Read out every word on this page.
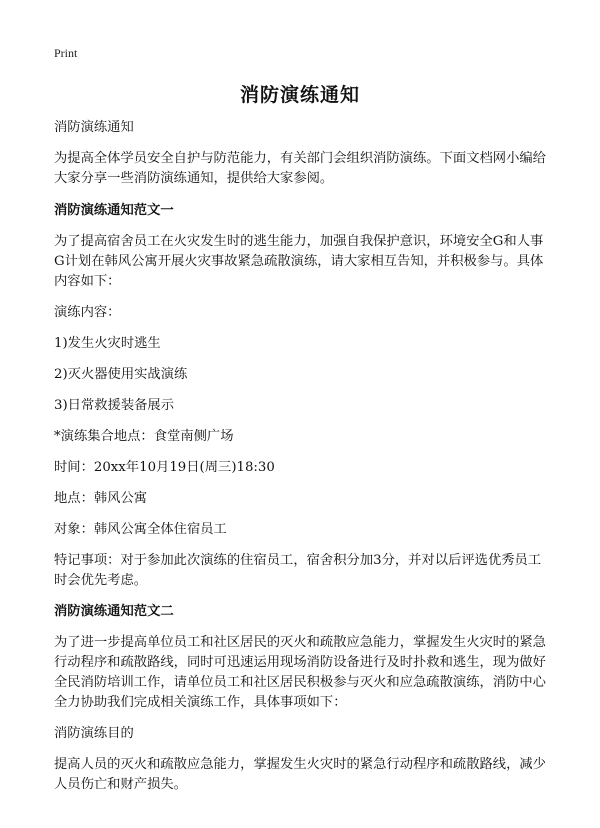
Print
消防演练通知

消防演练通知

为提高全体学员安全自护与防范能力，有关部门会组织消防演练。下面文档网小编给大家分享一些消防演练通知，提供给大家参阅。

消防演练通知范文一

为了提高宿舍员工在火灾发生时的逃生能力，加强自我保护意识，环境安全G和人事G计划在韩风公寓开展火灾事故紧急疏散演练，请大家相互告知，并积极参与。具体内容如下：

演练内容：

1)发生火灾时逃生

2)灭火器使用实战演练

3)日常救援装备展示

*演练集合地点：食堂南侧广场

时间：20xx年10月19日(周三)18:30

地点：韩风公寓

对象：韩风公寓全体住宿员工

特记事项：对于参加此次演练的住宿员工，宿舍积分加3分，并对以后评选优秀员工时会优先考虑。

消防演练通知范文二

为了进一步提高单位员工和社区居民的灭火和疏散应急能力，掌握发生火灾时的紧急行动程序和疏散路线，同时可迅速运用现场消防设备进行及时扑救和逃生，现为做好全民消防培训工作，请单位员工和社区居民积极参与灭火和应急疏散演练，消防中心全力协助我们完成相关演练工作，具体事项如下：

消防演练目的

提高人员的灭火和疏散应急能力，掌握发生火灾时的紧急行动程序和疏散路线，减少人员伤亡和财产损失。
